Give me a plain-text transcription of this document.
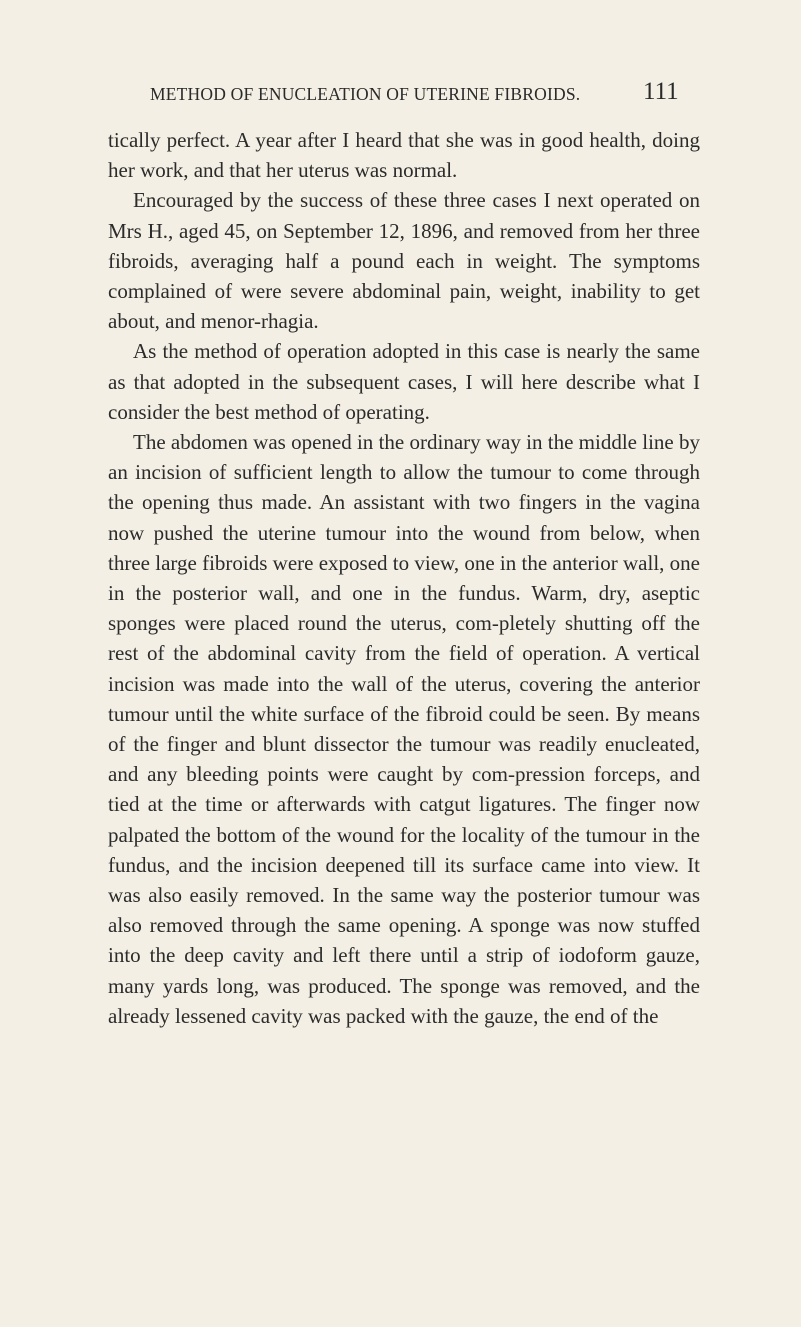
METHOD OF ENUCLEATION OF UTERINE FIBROIDS.	111

tically perfect. A year after I heard that she was in good health, doing her work, and that her uterus was normal.

Encouraged by the success of these three cases I next operated on Mrs H., aged 45, on September 12, 1896, and removed from her three fibroids, averaging half a pound each in weight. The symptoms complained of were severe abdominal pain, weight, inability to get about, and menor-rhagia.

As the method of operation adopted in this case is nearly the same as that adopted in the subsequent cases, I will here describe what I consider the best method of operating.

The abdomen was opened in the ordinary way in the middle line by an incision of sufficient length to allow the tumour to come through the opening thus made. An assistant with two fingers in the vagina now pushed the uterine tumour into the wound from below, when three large fibroids were exposed to view, one in the anterior wall, one in the posterior wall, and one in the fundus. Warm, dry, aseptic sponges were placed round the uterus, com-pletely shutting off the rest of the abdominal cavity from the field of operation. A vertical incision was made into the wall of the uterus, covering the anterior tumour until the white surface of the fibroid could be seen. By means of the finger and blunt dissector the tumour was readily enucleated, and any bleeding points were caught by com-pression forceps, and tied at the time or afterwards with catgut ligatures. The finger now palpated the bottom of the wound for the locality of the tumour in the fundus, and the incision deepened till its surface came into view. It was also easily removed. In the same way the posterior tumour was also removed through the same opening. A sponge was now stuffed into the deep cavity and left there until a strip of iodoform gauze, many yards long, was produced. The sponge was removed, and the already lessened cavity was packed with the gauze, the end of the
